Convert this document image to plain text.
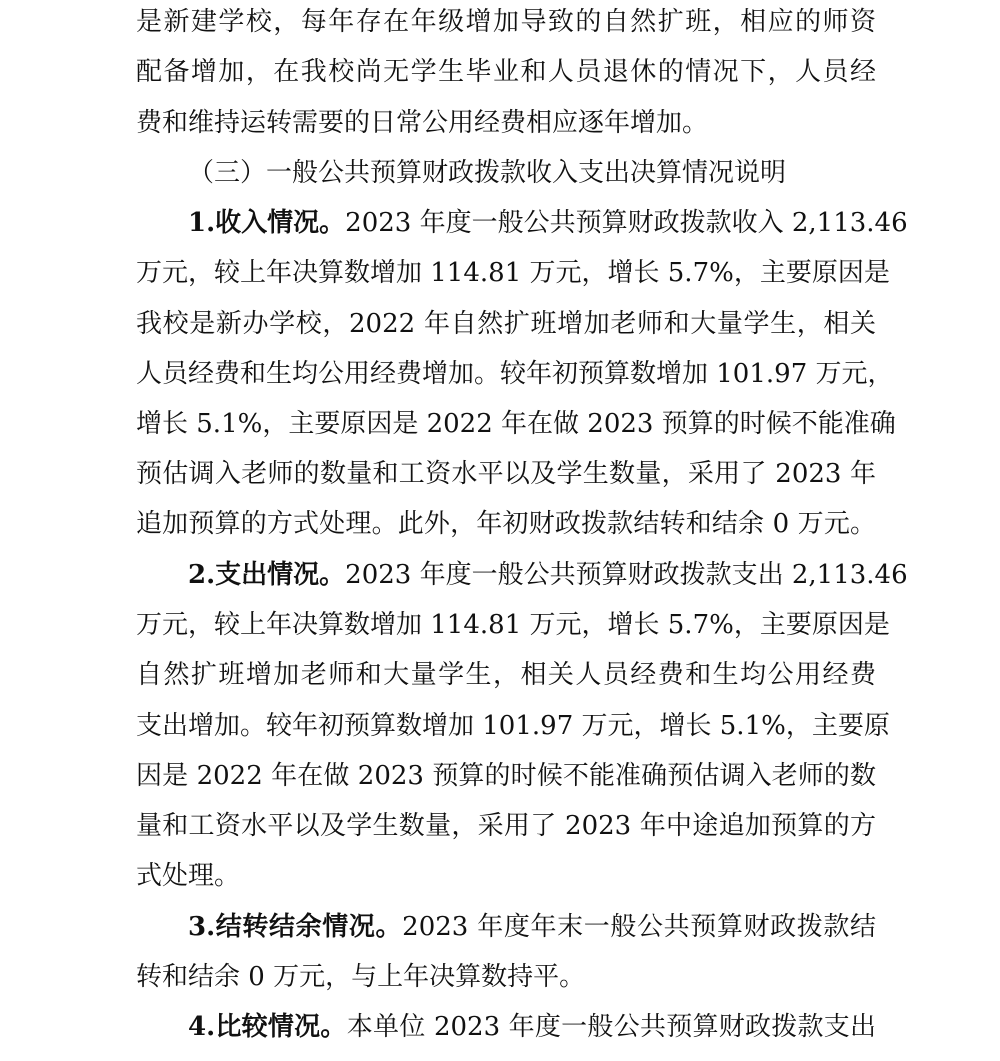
是新建学校，每年存在年级增加导致的自然扩班，相应的师资
配备增加，在我校尚无学生毕业和人员退休的情况下，人员经
费和维持运转需要的日常公用经费相应逐年增加。
（三）一般公共预算财政拨款收入支出决算情况说明
1.收入情况。2023 年度一般公共预算财政拨款收入 2,113.46
万元，较上年决算数增加 114.81 万元，增长 5.7%，主要原因是
我校是新办学校，2022 年自然扩班增加老师和大量学生，相关
人员经费和生均公用经费增加。较年初预算数增加 101.97 万元，
增长 5.1%，主要原因是 2022 年在做 2023 预算的时候不能准确
预估调入老师的数量和工资水平以及学生数量，采用了 2023 年
追加预算的方式处理。此外，年初财政拨款结转和结余 0 万元。
2.支出情况。2023 年度一般公共预算财政拨款支出 2,113.46
万元，较上年决算数增加 114.81 万元，增长 5.7%，主要原因是
自然扩班增加老师和大量学生，相关人员经费和生均公用经费
支出增加。较年初预算数增加 101.97 万元，增长 5.1%，主要原
因是 2022 年在做 2023 预算的时候不能准确预估调入老师的数
量和工资水平以及学生数量，采用了 2023 年中途追加预算的方
式处理。
3.结转结余情况。2023 年度年末一般公共预算财政拨款结
转和结余 0 万元，与上年决算数持平。
4.比较情况。本单位 2023 年度一般公共预算财政拨款支出
